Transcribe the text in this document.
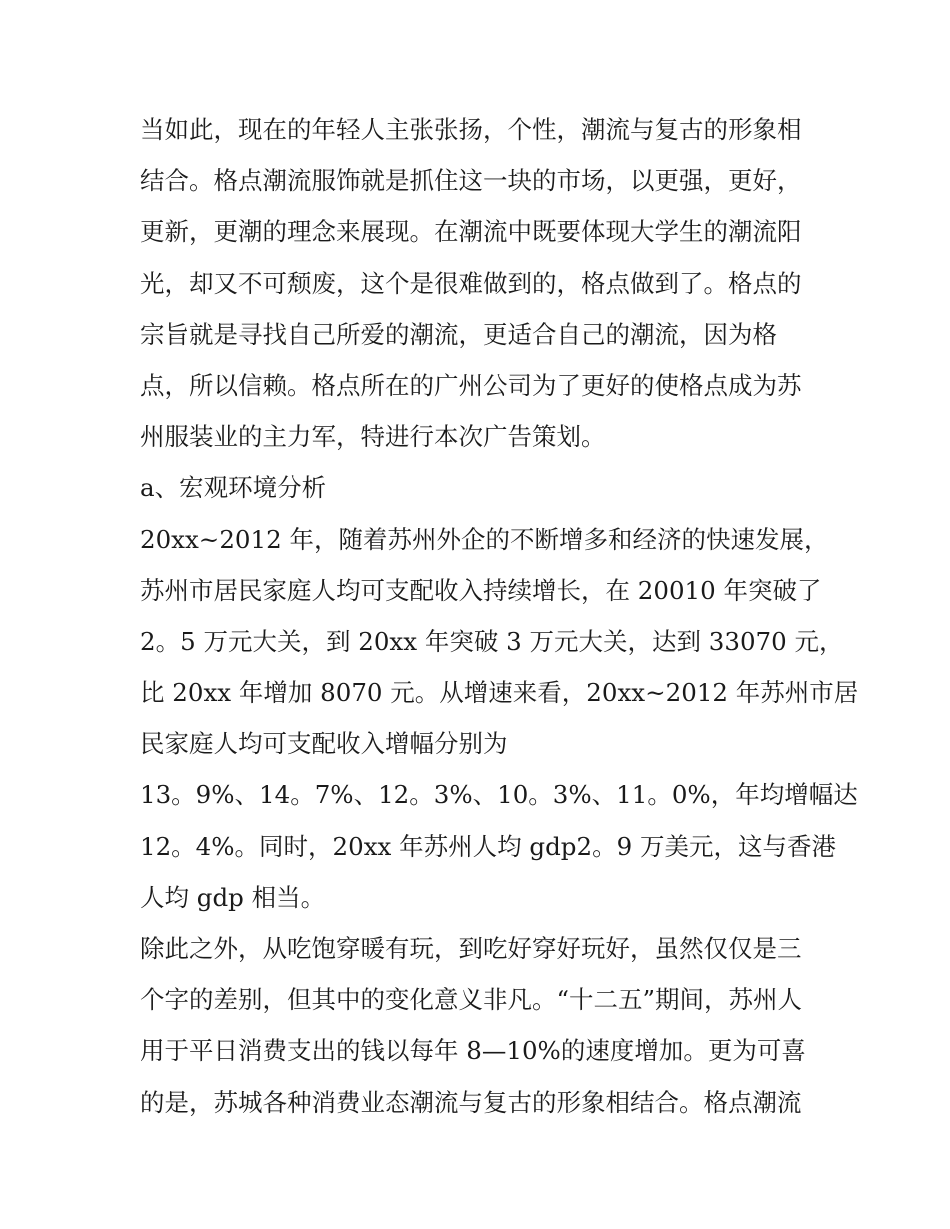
当如此，现在的年轻人主张张扬，个性，潮流与复古的形象相
结合。格点潮流服饰就是抓住这一块的市场，以更强，更好，
更新，更潮的理念来展现。在潮流中既要体现大学生的潮流阳
光，却又不可颓废，这个是很难做到的，格点做到了。格点的
宗旨就是寻找自己所爱的潮流，更适合自己的潮流，因为格
点，所以信赖。格点所在的广州公司为了更好的使格点成为苏
州服装业的主力军，特进行本次广告策划。
a、宏观环境分析
20xx~2012 年，随着苏州外企的不断增多和经济的快速发展，
苏州市居民家庭人均可支配收入持续增长，在 20010 年突破了
2。5 万元大关，到 20xx 年突破 3 万元大关，达到 33070 元，
比 20xx 年增加 8070 元。从增速来看，20xx~2012 年苏州市居
民家庭人均可支配收入增幅分别为
13。9%、14。7%、12。3%、10。3%、11。0%，年均增幅达
12。4%。同时，20xx 年苏州人均 gdp2。9 万美元，这与香港
人均 gdp 相当。
除此之外，从吃饱穿暖有玩，到吃好穿好玩好，虽然仅仅是三
个字的差别，但其中的变化意义非凡。“十二五”期间，苏州人
用于平日消费支出的钱以每年 8—10%的速度增加。更为可喜
的是，苏城各种消费业态潮流与复古的形象相结合。格点潮流
